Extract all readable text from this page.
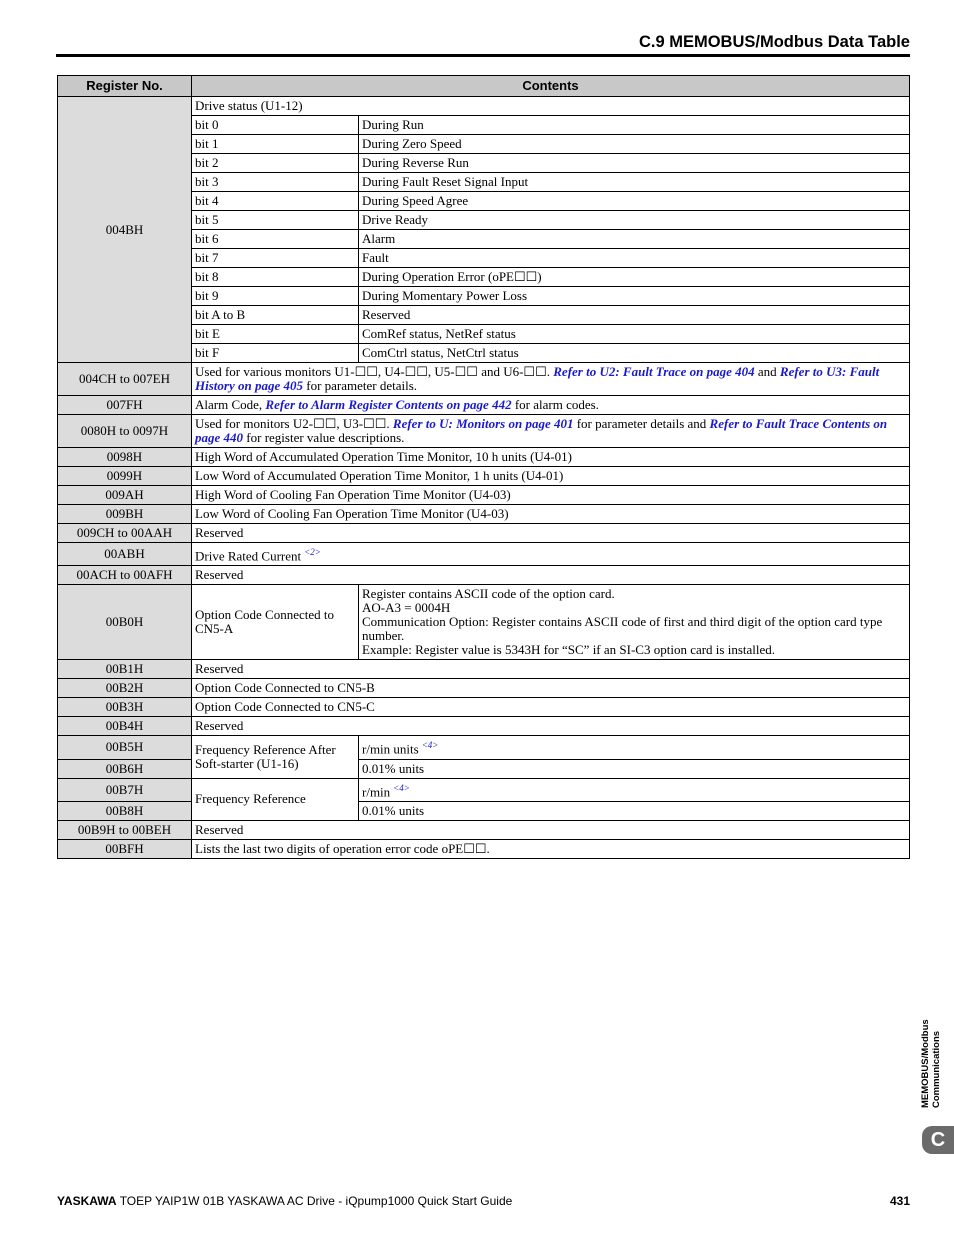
C.9 MEMOBUS/Modbus Data Table
Register No.	Contents	
004BH	Drive status (U1-12)	
	bit 0	During Run
	bit 1	During Zero Speed
	bit 2	During Reverse Run
	bit 3	During Fault Reset Signal Input
	bit 4	During Speed Agree
	bit 5	Drive Ready
	bit 6	Alarm
	bit 7	Fault
	bit 8	During Operation Error (oPE☐☐)
	bit 9	During Momentary Power Loss
	bit A to B	Reserved
	bit E	ComRef status, NetRef status
	bit F	ComCtrl status, NetCtrl status
004CH to 007EH	Used for various monitors U1-☐☐, U4-☐☐, U5-☐☐ and U6-☐☐. Refer to U2: Fault Trace on page 404 and Refer to U3: Fault History on page 405 for parameter details.	
007FH	Alarm Code, Refer to Alarm Register Contents on page 442 for alarm codes.	
0080H to 0097H	Used for monitors U2-☐☐, U3-☐☐. Refer to U: Monitors on page 401 for parameter details and Refer to Fault Trace Contents on page 440 for register value descriptions.	
0098H	High Word of Accumulated Operation Time Monitor, 10 h units (U4-01)	
0099H	Low Word of Accumulated Operation Time Monitor, 1 h units (U4-01)	
009AH	High Word of Cooling Fan Operation Time Monitor (U4-03)	
009BH	Low Word of Cooling Fan Operation Time Monitor (U4-03)	
009CH to 00AAH	Reserved	
00ABH	Drive Rated Current $^{<2>}$
00ACH to 00AFH	Reserved	
00B0H	Option Code Connected to CN5-A	Register contains ASCII code of the option card.
AO-A3 = 0004H
Communication Option: Register contains ASCII code of first and third digit of the option card type number.
Example: Register value is 5343H for “SC” if an SI-C3 option card is installed.

00B1H	Reserved	
00B2H	Option Code Connected to CN5-B	
00B3H	Option Code Connected to CN5-C	
00B4H	Reserved	
00B5H	Frequency Reference After Soft-starter (U1-16)	r/min units $^{<4>}$
00B6H		0.01% units
00B7H	Frequency Reference	r/min $^{<4>}$
00B8H		0.01% units
00B9H to 00BEH	Reserved	
00BFH	Lists the last two digits of operation error code oPE☐☐.	
MEMOBUS/Modbus Communications
C
YASKAWA TOEP YAIP1W 01B YASKAWA AC Drive - iQpump1000 Quick Start Guide	431
